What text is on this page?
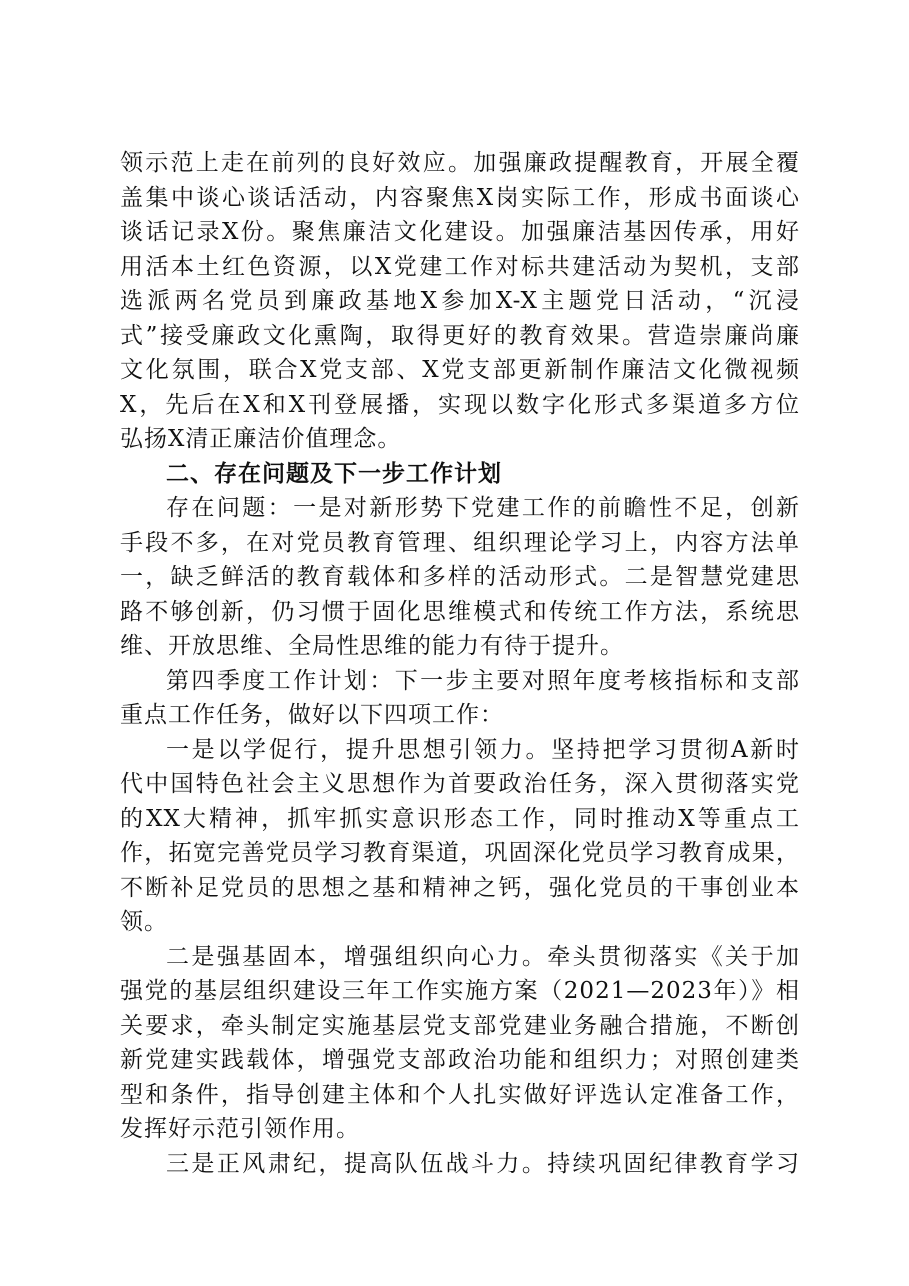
领示范上走在前列的良好效应。加强廉政提醒教育，开展全覆
盖集中谈心谈话活动，内容聚焦X岗实际工作，形成书面谈心
谈话记录X份。聚焦廉洁文化建设。加强廉洁基因传承，用好
用活本土红色资源，以X党建工作对标共建活动为契机，支部
选派两名党员到廉政基地X参加X-X主题党日活动，“沉浸
式”接受廉政文化熏陶，取得更好的教育效果。营造崇廉尚廉
文化氛围，联合X党支部、X党支部更新制作廉洁文化微视频
X，先后在X和X刊登展播，实现以数字化形式多渠道多方位
弘扬X清正廉洁价值理念。
二、存在问题及下一步工作计划
存在问题：一是对新形势下党建工作的前瞻性不足，创新
手段不多，在对党员教育管理、组织理论学习上，内容方法单
一，缺乏鲜活的教育载体和多样的活动形式。二是智慧党建思
路不够创新，仍习惯于固化思维模式和传统工作方法，系统思
维、开放思维、全局性思维的能力有待于提升。
第四季度工作计划：下一步主要对照年度考核指标和支部
重点工作任务，做好以下四项工作：
一是以学促行，提升思想引领力。坚持把学习贯彻A新时
代中国特色社会主义思想作为首要政治任务，深入贯彻落实党
的XX大精神，抓牢抓实意识形态工作，同时推动X等重点工
作，拓宽完善党员学习教育渠道，巩固深化党员学习教育成果，
不断补足党员的思想之基和精神之钙，强化党员的干事创业本
领。
二是强基固本，增强组织向心力。牵头贯彻落实《关于加
强党的基层组织建设三年工作实施方案（2021—2023年）》相
关要求，牵头制定实施基层党支部党建业务融合措施，不断创
新党建实践载体，增强党支部政治功能和组织力；对照创建类
型和条件，指导创建主体和个人扎实做好评选认定准备工作，
发挥好示范引领作用。
三是正风肃纪，提高队伍战斗力。持续巩固纪律教育学习
